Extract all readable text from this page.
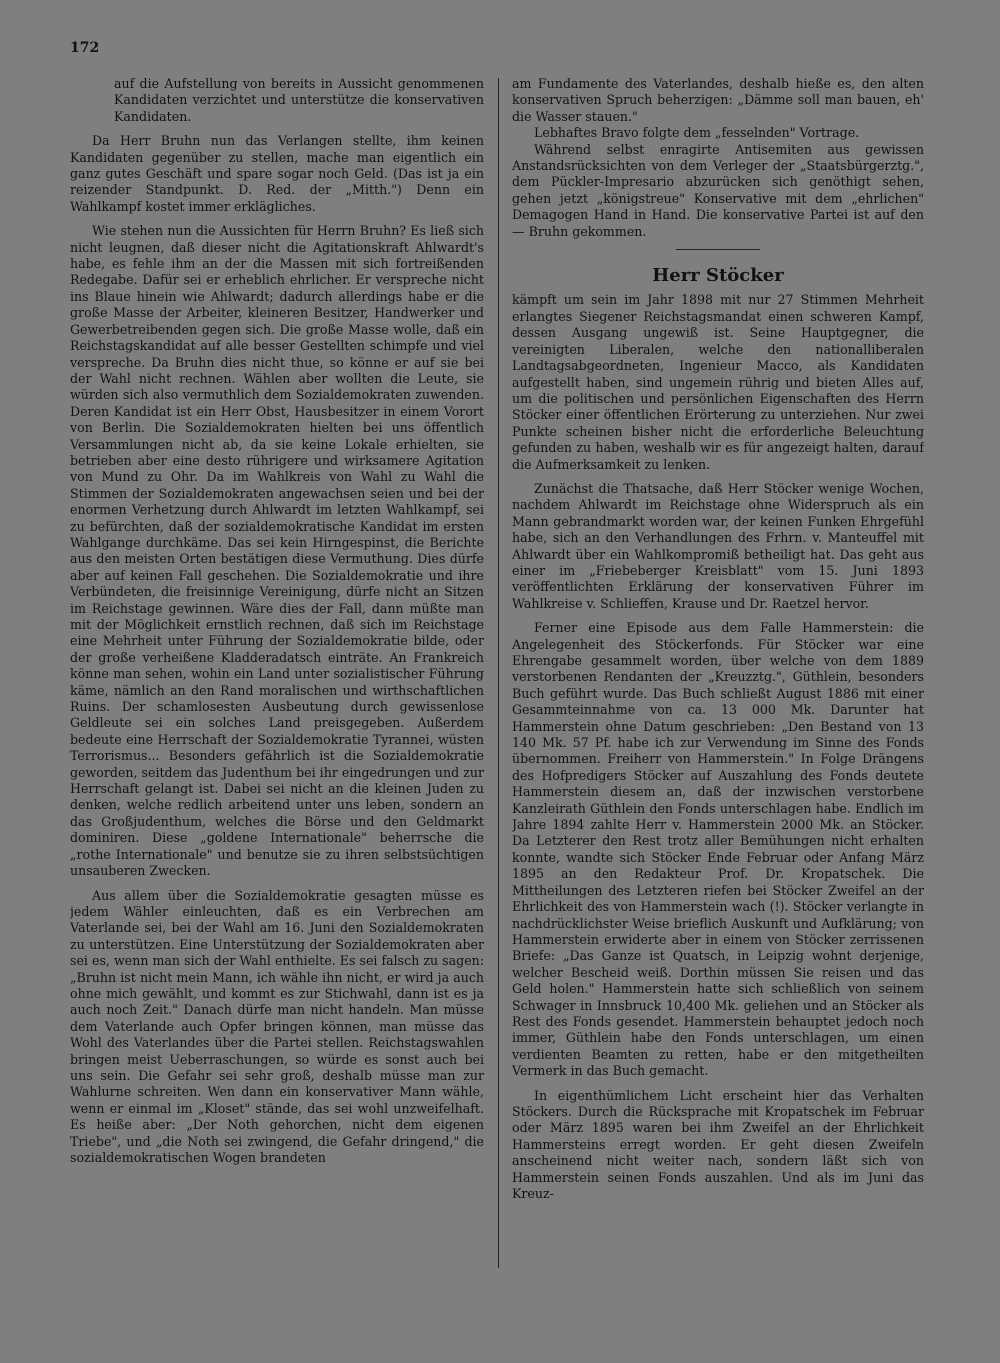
172

auf die Aufstellung von bereits in Aussicht genommenen Kandidaten verzichtet und unterstütze die konservativen Kandidaten.

Da Herr Bruhn nun das Verlangen stellte, ihm keinen Kandidaten gegenüber zu stellen, mache man eigentlich ein ganz gutes Geschäft und spare sogar noch Geld. (Das ist ja ein reizender Standpunkt. D. Red. der „Mitth.") Denn ein Wahlkampf kostet immer erklägliches.

Wie stehen nun die Aussichten für Herrn Bruhn? Es ließ sich nicht leugnen, daß dieser nicht die Agitationskraft Ahlwardt's habe, es fehle ihm an der die Massen mit sich fortreißenden Redegabe. Dafür sei er erheblich ehrlicher. Er verspreche nicht ins Blaue hinein wie Ahlwardt; dadurch allerdings habe er die große Masse der Arbeiter, kleineren Besitzer, Handwerker und Gewerbetreibenden gegen sich. Die große Masse wolle, daß ein Reichstagskandidat auf alle besser Gestellten schimpfe und viel verspreche. Da Bruhn dies nicht thue, so könne er auf sie bei der Wahl nicht rechnen. Wählen aber wollten die Leute, sie würden sich also vermuthlich dem Sozialdemokraten zuwenden. Deren Kandidat ist ein Herr Obst, Hausbesitzer in einem Vorort von Berlin. Die Sozialdemokraten hielten bei uns öffentlich Versammlungen nicht ab, da sie keine Lokale erhielten, sie betrieben aber eine desto rührigere und wirksamere Agitation von Mund zu Ohr. Da im Wahlkreis von Wahl zu Wahl die Stimmen der Sozialdemokraten angewachsen seien und bei der enormen Verhetzung durch Ahlwardt im letzten Wahlkampf, sei zu befürchten, daß der sozialdemokratische Kandidat im ersten Wahlgange durchkäme. Das sei kein Hirngespinst, die Berichte aus den meisten Orten bestätigen diese Vermuthung. Dies dürfe aber auf keinen Fall geschehen. Die Sozialdemokratie und ihre Verbündeten, die freisinnige Vereinigung, dürfe nicht an Sitzen im Reichstage gewinnen. Wäre dies der Fall, dann müßte man mit der Möglichkeit ernstlich rechnen, daß sich im Reichstage eine Mehrheit unter Führung der Sozialdemokratie bilde, oder der große verheißene Kladderadatsch einträte. An Frankreich könne man sehen, wohin ein Land unter sozialistischer Führung käme, nämlich an den Rand moralischen und wirthschaftlichen Ruins. Der schamlosesten Ausbeutung durch gewissenlose Geldleute sei ein solches Land preisgegeben. Außerdem bedeute eine Herrschaft der Sozialdemokratie Tyrannei, wüsten Terrorismus... Besonders gefährlich ist die Sozialdemokratie geworden, seitdem das Judenthum bei ihr eingedrungen und zur Herrschaft gelangt ist. Dabei sei nicht an die kleinen Juden zu denken, welche redlich arbeitend unter uns leben, sondern an das Großjudenthum, welches die Börse und den Geldmarkt dominiren. Diese „goldene Internationale" beherrsche die „rothe Internationale" und benutze sie zu ihren selbstsüchtigen unsauberen Zwecken.

Aus allem über die Sozialdemokratie gesagten müsse es jedem Wähler einleuchten, daß es ein Verbrechen am Vaterlande sei, bei der Wahl am 16. Juni den Sozialdemokraten zu unterstützen. Eine Unterstützung der Sozialdemokraten aber sei es, wenn man sich der Wahl enthielte. Es sei falsch zu sagen: „Bruhn ist nicht mein Mann, ich wähle ihn nicht, er wird ja auch ohne mich gewählt, und kommt es zur Stichwahl, dann ist es ja auch noch Zeit." Danach dürfe man nicht handeln. Man müsse dem Vaterlande auch Opfer bringen können, man müsse das Wohl des Vaterlandes über die Partei stellen. Reichstagswahlen bringen meist Ueberraschungen, so würde es sonst auch bei uns sein. Die Gefahr sei sehr groß, deshalb müsse man zur Wahlurne schreiten. Wen dann ein konservativer Mann wähle, wenn er einmal im „Kloset" stände, das sei wohl unzweifelhaft. Es heiße aber: „Der Noth gehorchen, nicht dem eigenen Triebe", und „die Noth sei zwingend, die Gefahr dringend," die sozialdemokratischen Wogen brandeten

am Fundamente des Vaterlandes, deshalb hieße es, den alten konservativen Spruch beherzigen: „Dämme soll man bauen, eh' die Wasser stauen."

Lebhaftes Bravo folgte dem „fesselnden" Vortrage.

Während selbst enragirte Antisemiten aus gewissen Anstandsrücksichten von dem Verleger der „Staatsbürgerztg.", dem Pückler-Impresario abzurücken sich genöthigt sehen, gehen jetzt „königstreue" Konservative mit dem „ehrlichen" Demagogen Hand in Hand. Die konservative Partei ist auf den — Bruhn gekommen.

Herr Stöcker

kämpft um sein im Jahr 1898 mit nur 27 Stimmen Mehrheit erlangtes Siegener Reichstagsmandat einen schweren Kampf, dessen Ausgang ungewiß ist. Seine Hauptgegner, die vereinigten Liberalen, welche den nationalliberalen Landtagsabgeordneten, Ingenieur Macco, als Kandidaten aufgestellt haben, sind ungemein rührig und bieten Alles auf, um die politischen und persönlichen Eigenschaften des Herrn Stöcker einer öffentlichen Erörterung zu unterziehen. Nur zwei Punkte scheinen bisher nicht die erforderliche Beleuchtung gefunden zu haben, weshalb wir es für angezeigt halten, darauf die Aufmerksamkeit zu lenken.

Zunächst die Thatsache, daß Herr Stöcker wenige Wochen, nachdem Ahlwardt im Reichstage ohne Widerspruch als ein Mann gebrandmarkt worden war, der keinen Funken Ehrgefühl habe, sich an den Verhandlungen des Frhrn. v. Manteuffel mit Ahlwardt über ein Wahlkompromiß betheiligt hat. Das geht aus einer im „Friebeberger Kreisblatt" vom 15. Juni 1893 veröffentlichten Erklärung der konservativen Führer im Wahlkreise v. Schlieffen, Krause und Dr. Raetzel hervor.

Ferner eine Episode aus dem Falle Hammerstein: die Angelegenheit des Stöckerfonds. Für Stöcker war eine Ehrengabe gesammelt worden, über welche von dem 1889 verstorbenen Rendanten der „Kreuzztg.", Güthlein, besonders Buch geführt wurde. Das Buch schließt August 1886 mit einer Gesammteinnahme von ca. 13 000 Mk. Darunter hat Hammerstein ohne Datum geschrieben: „Den Bestand von 13 140 Mk. 57 Pf. habe ich zur Verwendung im Sinne des Fonds übernommen. Freiherr von Hammerstein." In Folge Drängens des Hofpredigers Stöcker auf Auszahlung des Fonds deutete Hammerstein diesem an, daß der inzwischen verstorbene Kanzleirath Güthlein den Fonds unterschlagen habe. Endlich im Jahre 1894 zahlte Herr v. Hammerstein 2000 Mk. an Stöcker. Da Letzterer den Rest trotz aller Bemühungen nicht erhalten konnte, wandte sich Stöcker Ende Februar oder Anfang März 1895 an den Redakteur Prof. Dr. Kropatschek. Die Mittheilungen des Letzteren riefen bei Stöcker Zweifel an der Ehrlichkeit des von Hammerstein wach (!). Stöcker verlangte in nachdrücklichster Weise brieflich Auskunft und Aufklärung; von Hammerstein erwiderte aber in einem von Stöcker zerrissenen Briefe: „Das Ganze ist Quatsch, in Leipzig wohnt derjenige, welcher Bescheid weiß. Dorthin müssen Sie reisen und das Geld holen." Hammerstein hatte sich schließlich von seinem Schwager in Innsbruck 10,400 Mk. geliehen und an Stöcker als Rest des Fonds gesendet. Hammerstein behauptet jedoch noch immer, Güthlein habe den Fonds unterschlagen, um einen verdienten Beamten zu retten, habe er den mitgetheilten Vermerk in das Buch gemacht.

In eigenthümlichem Licht erscheint hier das Verhalten Stöckers. Durch die Rücksprache mit Kropatschek im Februar oder März 1895 waren bei ihm Zweifel an der Ehrlichkeit Hammersteins erregt worden. Er geht diesen Zweifeln anscheinend nicht weiter nach, sondern läßt sich von Hammerstein seinen Fonds auszahlen. Und als im Juni das Kreuz-
